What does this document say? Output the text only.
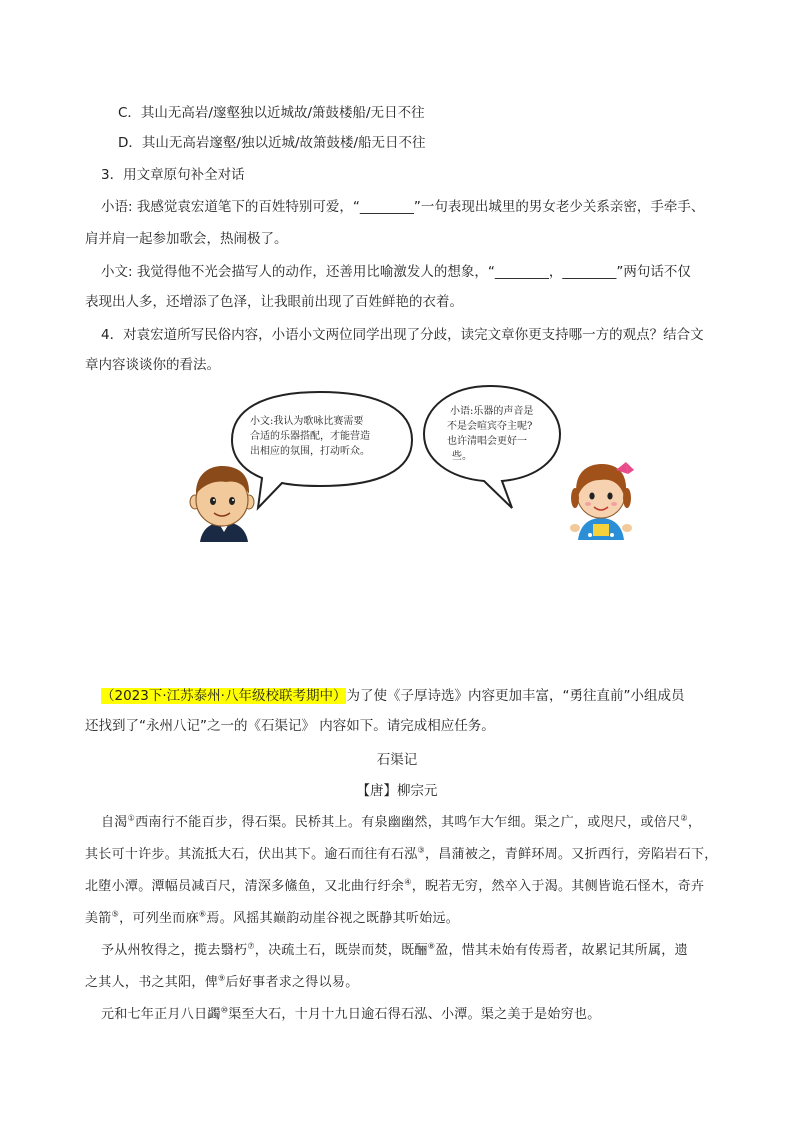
C．其山无高岩/邃壑独以近城故/箫鼓楼船/无日不往
D．其山无高岩邃壑/独以近城/故箫鼓楼/船无日不往
3．用文章原句补全对话
小语: 我感觉袁宏道笔下的百姓特别可爱，“________”一句表现出城里的男女老少关系亲密，手牵手、
肩并肩一起参加歌会，热闹极了。
小文: 我觉得他不光会描写人的动作，还善用比喻激发人的想象，“________，________”两句话不仅
表现出人多，还增添了色泽，让我眼前出现了百姓鲜艳的衣着。
4．对袁宏道所写民俗内容，小语小文两位同学出现了分歧，读完文章你更支持哪一方的观点？结合文
章内容谈谈你的看法。
小文:我认为歌咏比赛需要
合适的乐器搭配，才能营造
出相应的氛围，打动听众。
小语:乐器的声音是
不是会喧宾夺主呢?
也许清唱会更好一
些。
（2023下·江苏泰州·八年级校联考期中）为了使《子厚诗选》内容更加丰富，“勇往直前”小组成员
还找到了“永州八记”之一的《石渠记》 内容如下。请完成相应任务。
石渠记
【唐】柳宗元
自渴①西南行不能百步，得石渠。民桥其上。有泉幽幽然，其鸣乍大乍细。渠之广，或咫尺，或倍尺②，
其长可十许步。其流抵大石，伏出其下。逾石而往有石泓③，昌蒲被之，青鲜环周。又折西行，旁陷岩石下，
北堕小潭。潭幅员减百尺，清深多鯈鱼，又北曲行纡余④，睨若无穷，然卒入于渴。其侧皆诡石怪木，奇卉
美箭⑤，可列坐而庥⑥焉。风摇其巅韵动崖谷视之既静其听始远。
予从州牧得之，揽去翳朽⑦，决疏土石，既崇而焚，既酾⑧盈，惜其未始有传焉者，故累记其所属，遗
之其人，书之其阳，俾⑨后好事者求之得以易。
元和七年正月八日蠲⑩渠至大石，十月十九日逾石得石泓、小潭。渠之美于是始穷也。
